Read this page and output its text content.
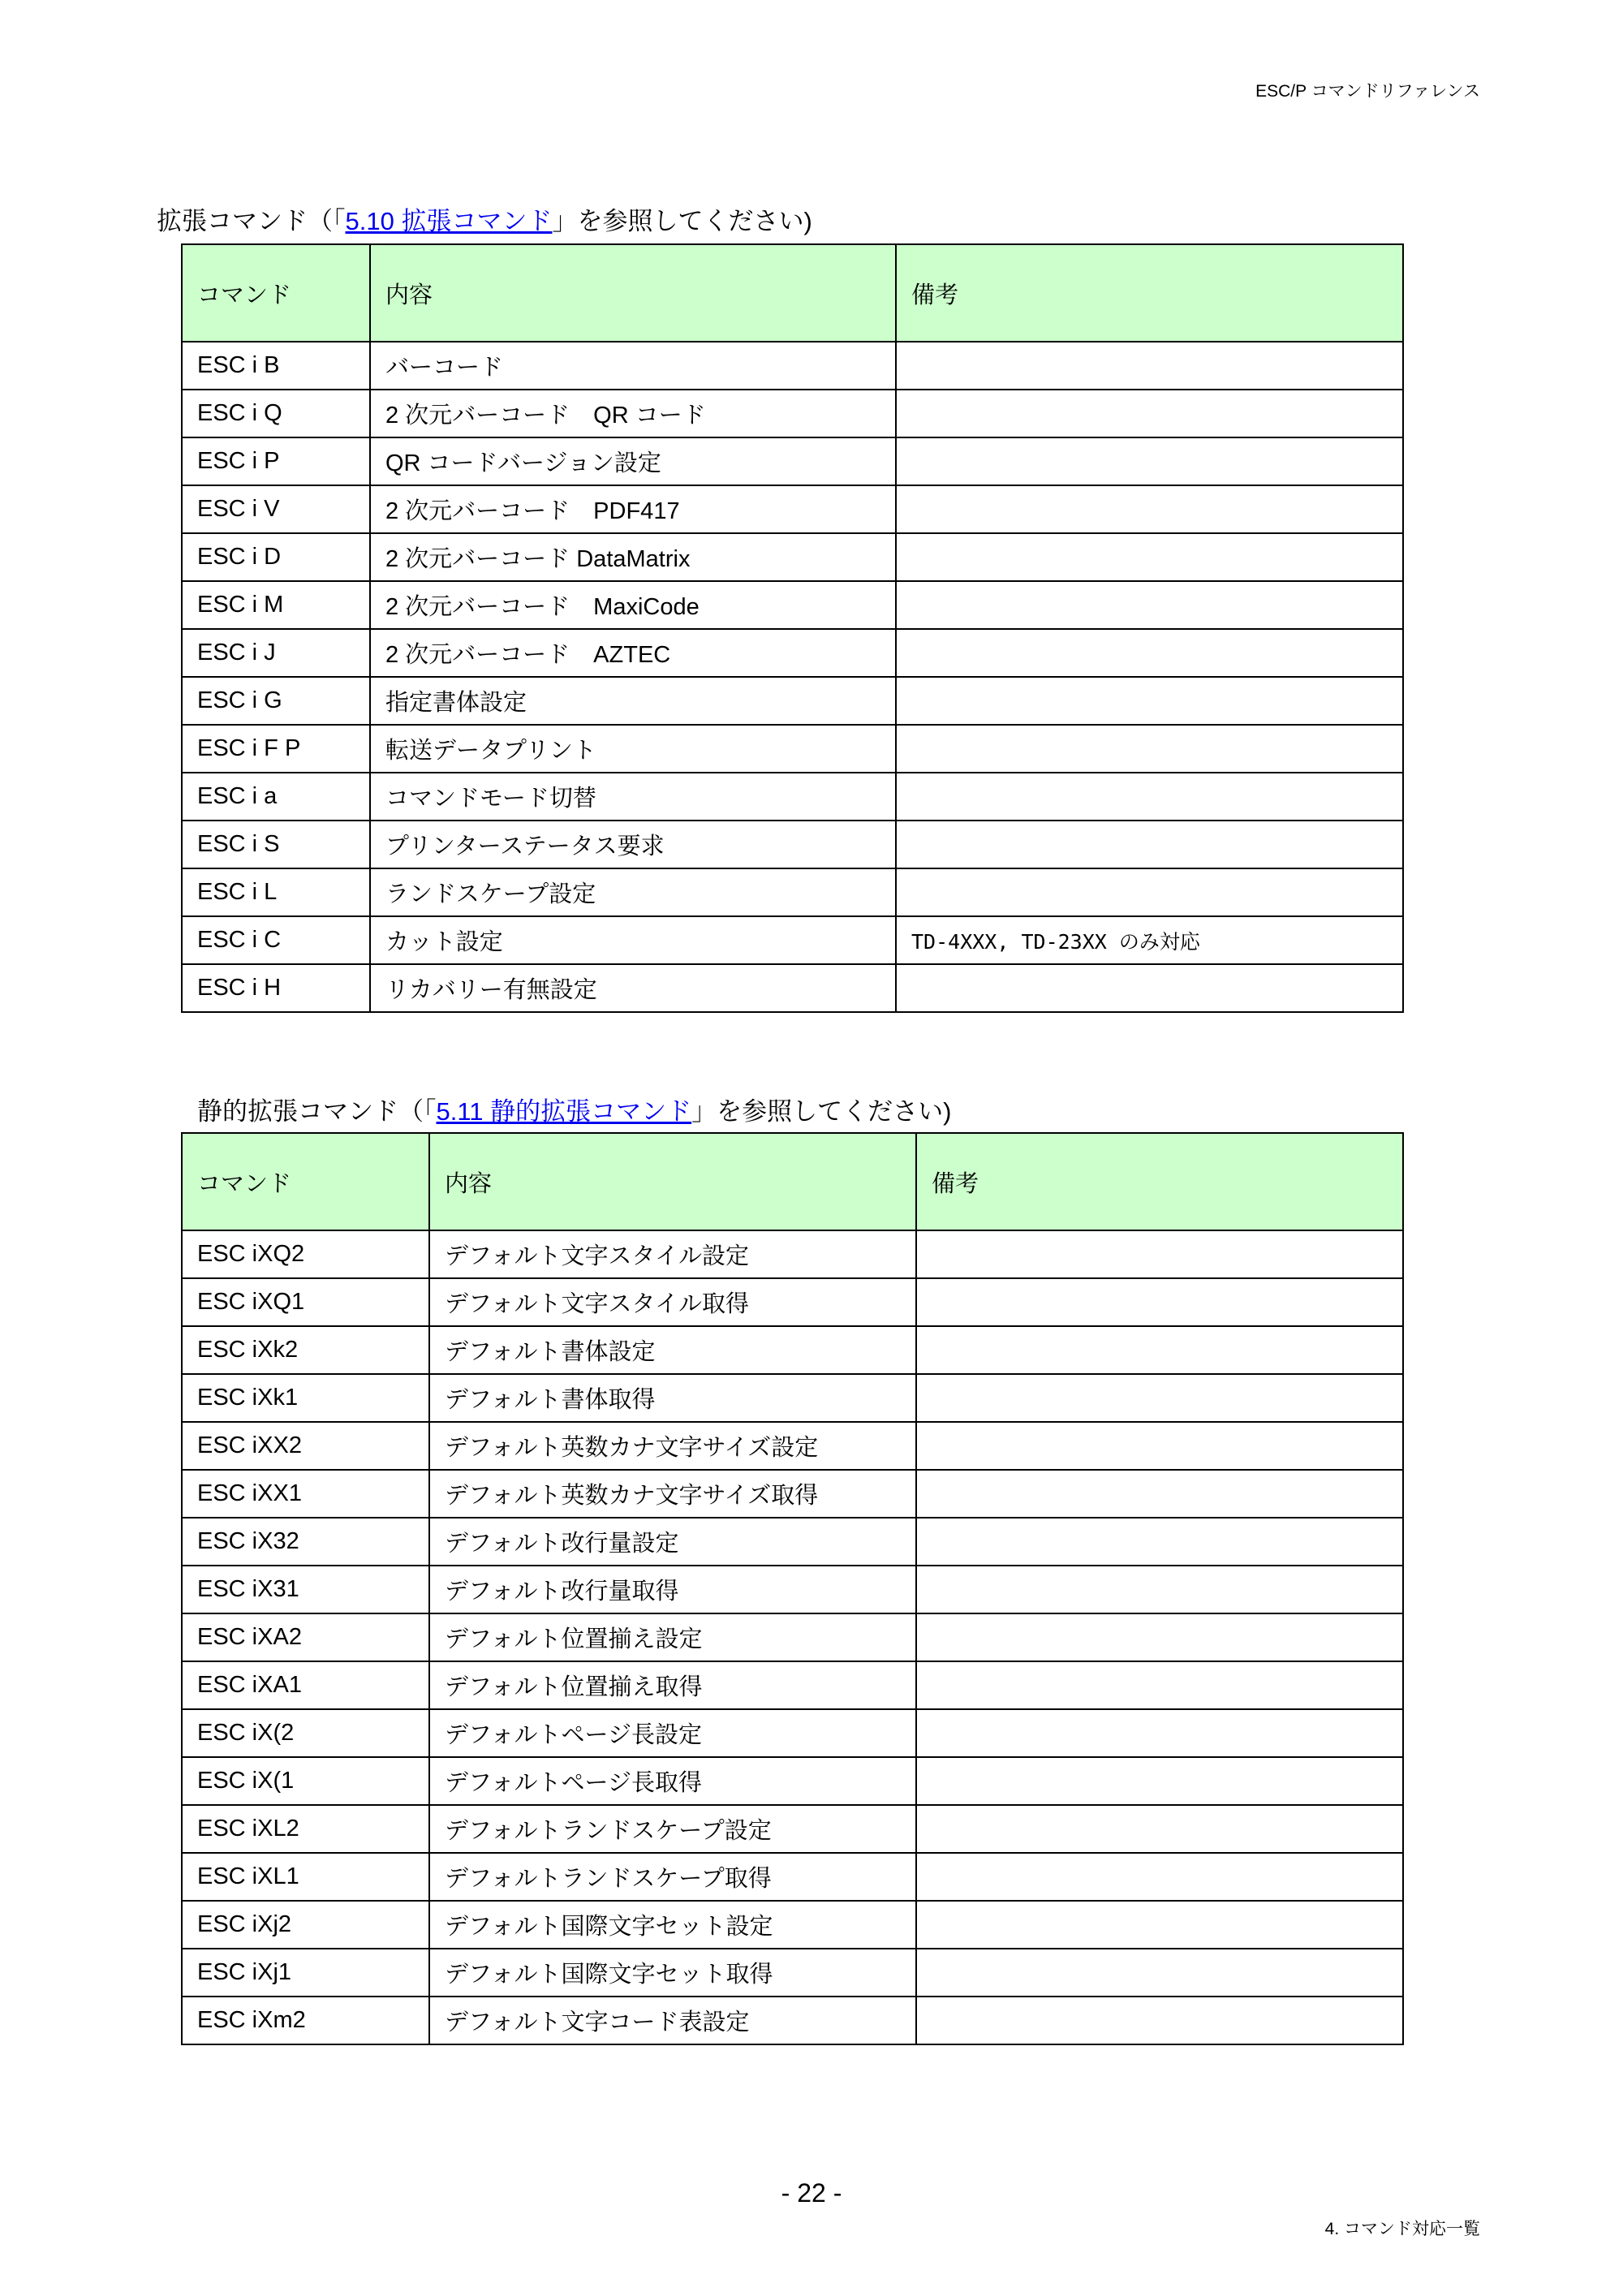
ESC/P コマンドリファレンス
拡張コマンド（「5.10 拡張コマンド」を参照してください)
コマンド	内容	備考
ESC i B	バーコード	
ESC i Q	2 次元バーコード　QR コード	
ESC i P	QR コードバージョン設定	
ESC i V	2 次元バーコード　PDF417	
ESC i D	2 次元バーコード DataMatrix	
ESC i M	2 次元バーコード　MaxiCode	
ESC i J	2 次元バーコード　AZTEC	
ESC i G	指定書体設定	
ESC i F P	転送データプリント	
ESC i a	コマンドモード切替	
ESC i S	プリンターステータス要求	
ESC i L	ランドスケープ設定	
ESC i C	カット設定	TD-4XXX, TD-23XX のみ対応
ESC i H	リカバリー有無設定	
静的拡張コマンド（「5.11 静的拡張コマンド」を参照してください)
コマンド	内容	備考
ESC iXQ2	デフォルト文字スタイル設定	
ESC iXQ1	デフォルト文字スタイル取得	
ESC iXk2	デフォルト書体設定	
ESC iXk1	デフォルト書体取得	
ESC iXX2	デフォルト英数カナ文字サイズ設定	
ESC iXX1	デフォルト英数カナ文字サイズ取得	
ESC iX32	デフォルト改行量設定	
ESC iX31	デフォルト改行量取得	
ESC iXA2	デフォルト位置揃え設定	
ESC iXA1	デフォルト位置揃え取得	
ESC iX(2	デフォルトページ長設定	
ESC iX(1	デフォルトページ長取得	
ESC iXL2	デフォルトランドスケープ設定	
ESC iXL1	デフォルトランドスケープ取得	
ESC iXj2	デフォルト国際文字セット設定	
ESC iXj1	デフォルト国際文字セット取得	
ESC iXm2	デフォルト文字コード表設定	
- 22 -
4. コマンド対応一覧
